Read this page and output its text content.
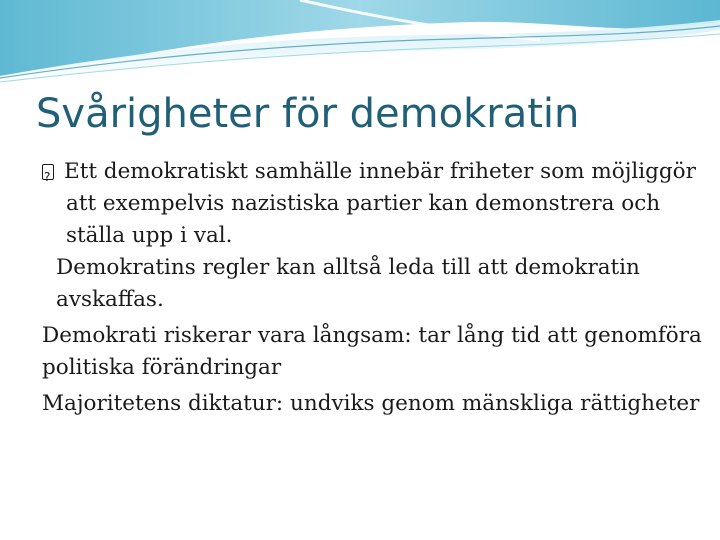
Svårigheter för demokratin

?Ett demokratiskt samhälle innebär friheter som möjliggör att exempelvis nazistiska partier kan demonstrera och ställa upp i val.

Demokratins regler kan alltså leda till att demokratin avskaffas.

Demokrati riskerar vara långsam: tar lång tid att genomföra politiska förändringar

Majoritetens diktatur: undviks genom mänskliga rättigheter
